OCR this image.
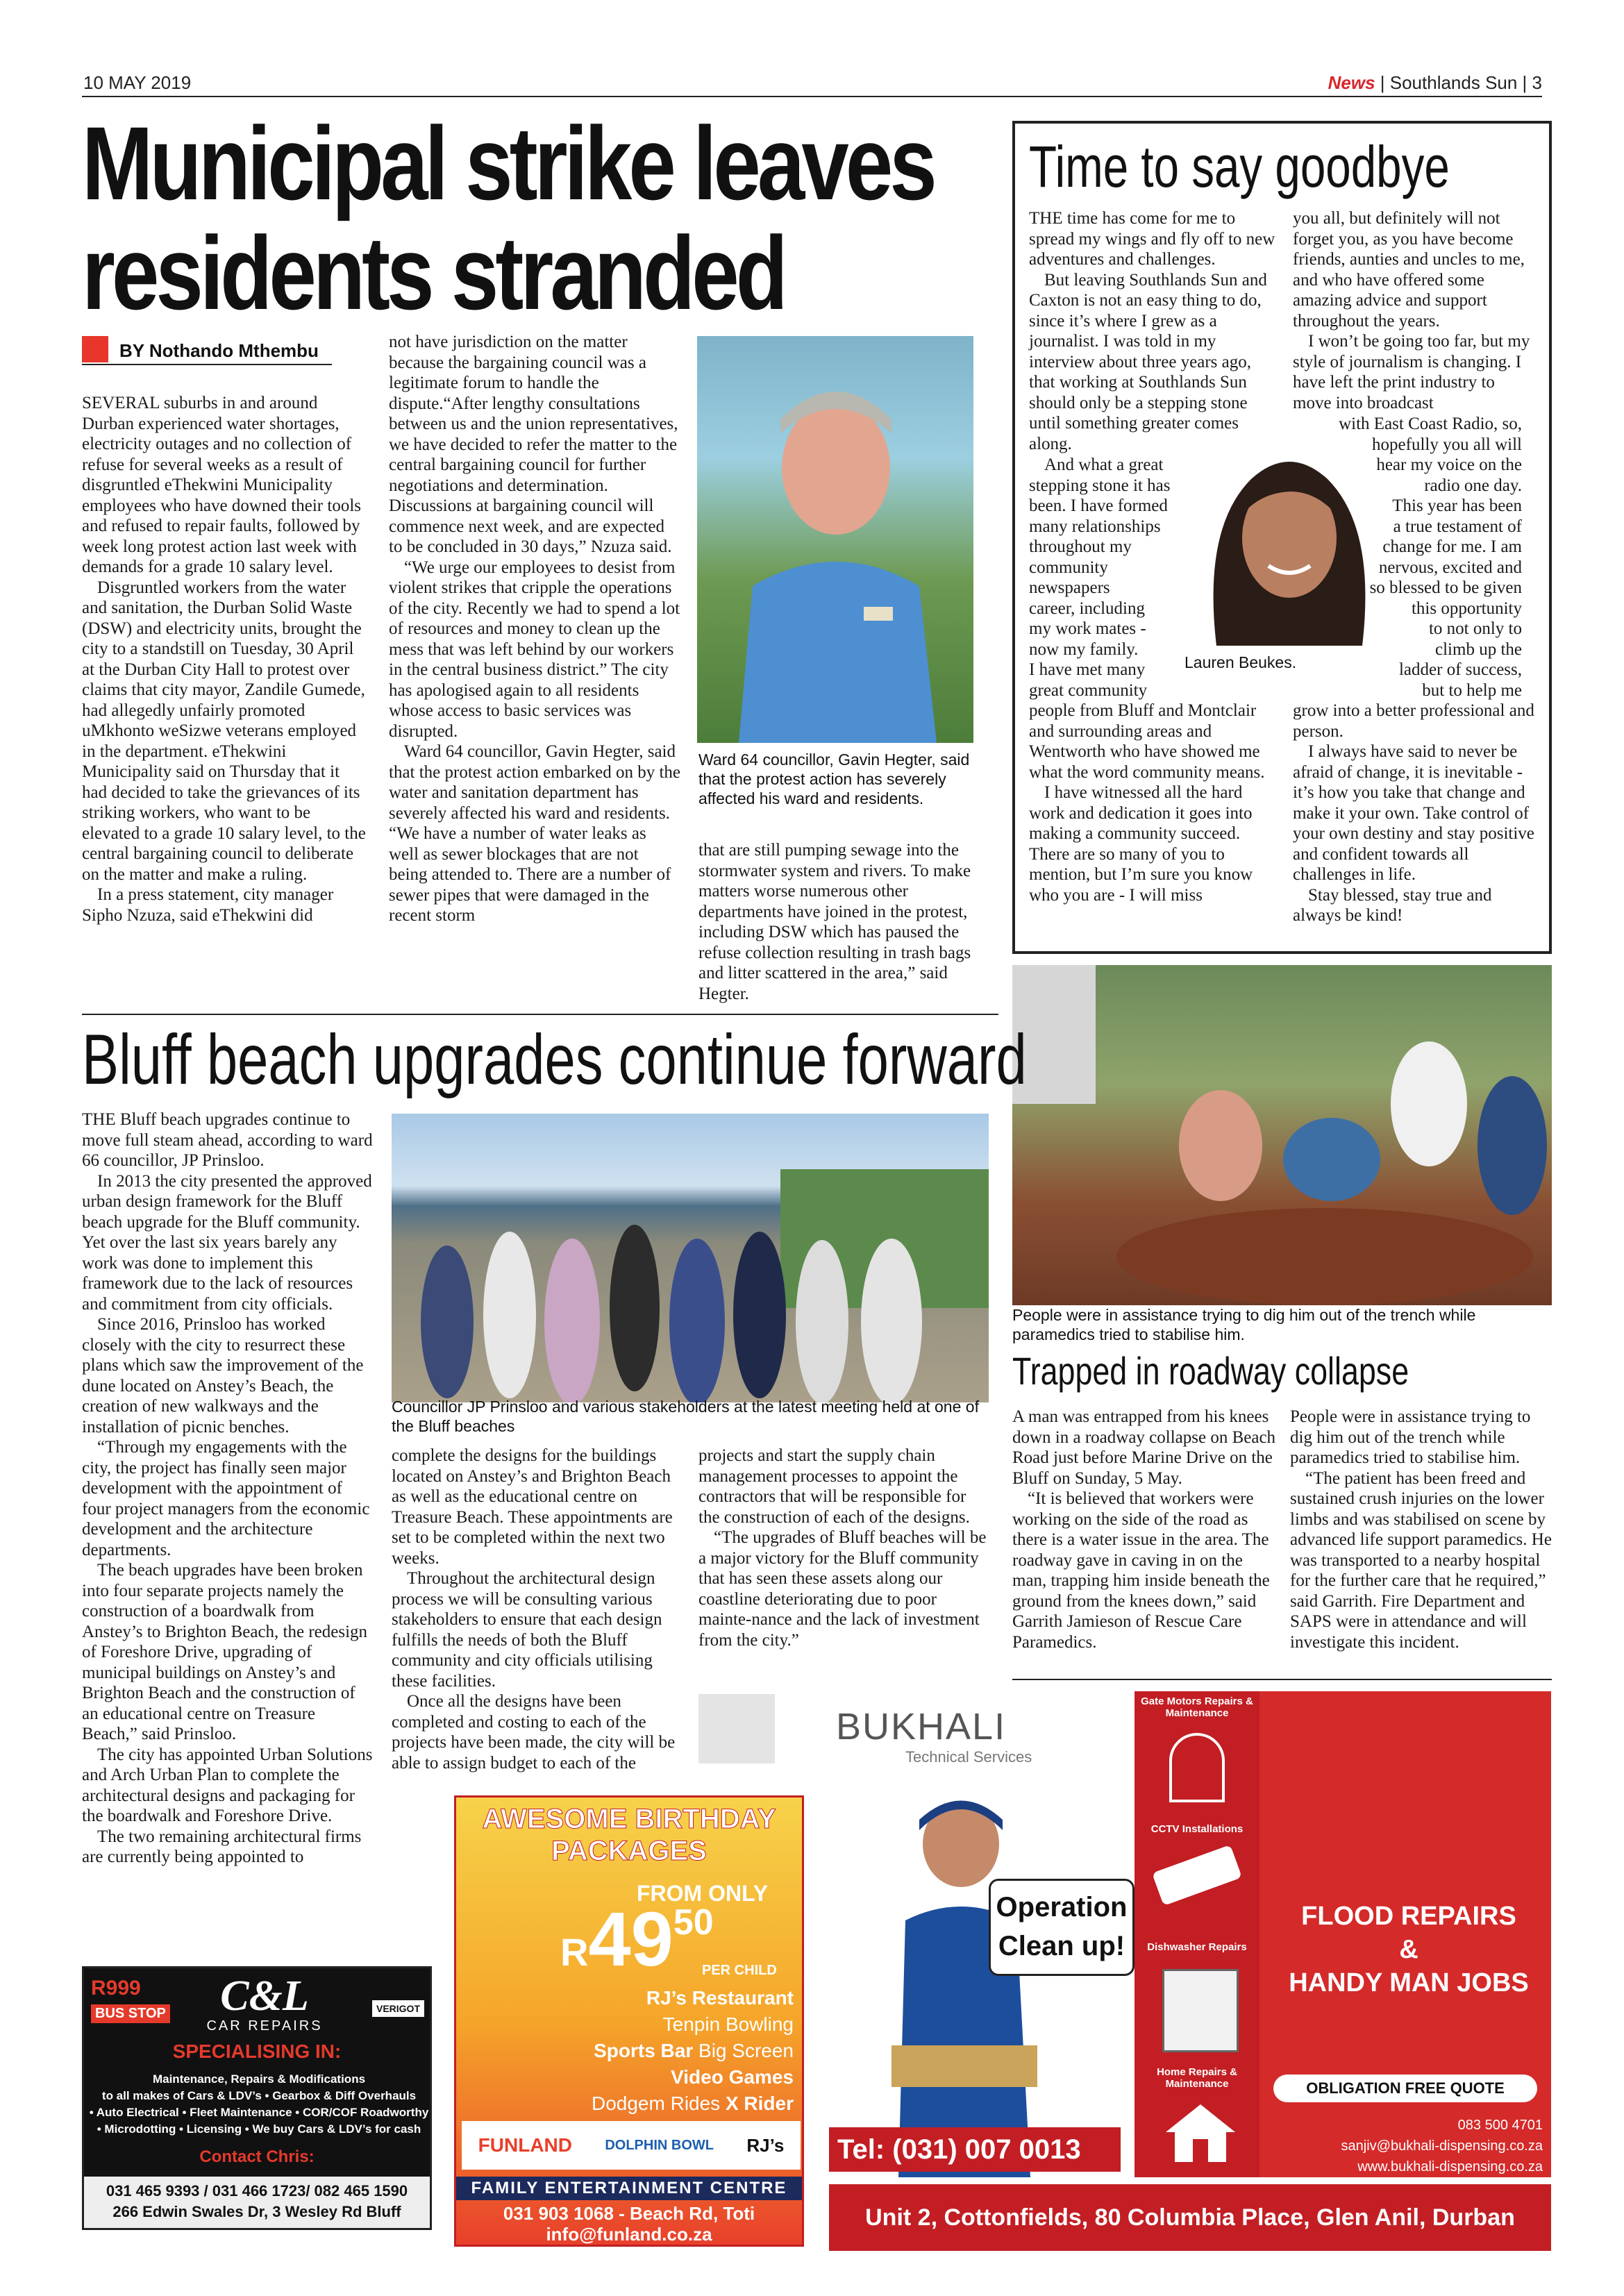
10 MAY 2019	News | Southlands Sun | 3
Municipal strike leaves
residents stranded
BY Nothando Mthembu

SEVERAL suburbs in and around Durban experienced water shortages, electricity outages and no collection of refuse for several weeks as a result of disgruntled eThekwini Municipality employees who have downed their tools and refused to repair faults, followed by week long protest action last week with demands for a grade 10 salary level.

Disgruntled workers from the water and sanitation, the Durban Solid Waste (DSW) and electricity units, brought the city to a standstill on Tuesday, 30 April at the Durban City Hall to protest over claims that city mayor, Zandile Gumede, had allegedly unfairly promoted uMkhonto weSizwe veterans employed in the department. eThekwini Municipality said on Thursday that it had decided to take the grievances of its striking workers, who want to be elevated to a grade 10 salary level, to the central bargaining council to deliberate on the matter and make a ruling.

In a press statement, city manager Sipho Nzuza, said eThekwini did

not have jurisdiction on the matter because the bargaining council was a legitimate forum to handle the dispute.“After lengthy consultations between us and the union representatives, we have decided to refer the matter to the central bargaining council for further negotiations and determination. Discussions at bargaining council will commence next week, and are expected to be concluded in 30 days,” Nzuza said.

“We urge our employees to desist from violent strikes that cripple the operations of the city. Recently we had to spend a lot of resources and money to clean up the mess that was left behind by our workers in the central business district.” The city has apologised again to all residents whose access to basic services was disrupted.

Ward 64 councillor, Gavin Hegter, said that the protest action embarked on by the water and sanitation department has severely affected his ward and residents. “We have a number of water leaks as well as sewer blockages that are not being attended to. There are a number of sewer pipes that were damaged in the recent storm

Ward 64 councillor, Gavin Hegter, said that the protest action has severely affected his ward and residents.

that are still pumping sewage into the stormwater system and rivers. To make matters worse numerous other departments have joined in the protest, including DSW which has paused the refuse collection resulting in trash bags and litter scattered in the area,” said Hegter.

Time to say goodbye

THE time has come for me to spread my wings and fly off to new adventures and challenges.

But leaving Southlands Sun and Caxton is not an easy thing to do, since it’s where I grew as a journalist. I was told in my interview about three years ago, that working at Southlands Sun should only be a stepping stone until something greater comes along.

And what a great
stepping stone it has
been. I have formed
many relationships
throughout my
community
newspapers
career, including
my work mates -
now my family.
I have met many
great community

people from Bluff and Montclair and surrounding areas and Wentworth who have showed me what the word community means.

I have witnessed all the hard work and dedication it goes into making a community succeed. There are so many of you to mention, but I’m sure you know who you are - I will miss

you all, but definitely will not forget you, as you have become friends, aunties and uncles to me, and who have offered some amazing advice and support throughout the years.

I won’t be going too far, but my style of journalism is changing. I have left the print industry to move into broadcast

with East Coast Radio, so,
hopefully you all will
hear my voice on the
radio one day.
This year has been
a true testament of
change for me. I am
nervous, excited and
so blessed to be given
this opportunity
to not only to
climb up the
ladder of success,
but to help me

grow into a better professional and person.

I always have said to never be afraid of change, it is inevitable - it’s how you take that change and make it your own. Take control of your own destiny and stay positive and confident towards all challenges in life.

Stay blessed, stay true and always be kind!

Lauren Beukes.
People were in assistance trying to dig him out of the trench while paramedics tried to stabilise him.
Trapped in roadway collapse

A man was entrapped from his knees down in a roadway collapse on Beach Road just before Marine Drive on the Bluff on Sunday, 5 May.

“It is believed that workers were working on the side of the road as there is a water issue in the area. The roadway gave in caving in on the man, trapping him inside beneath the ground from the knees down,” said Garrith Jamieson of Rescue Care Paramedics.

People were in assistance trying to dig him out of the trench while paramedics tried to stabilise him.

“The patient has been freed and sustained crush injuries on the lower limbs and was stabilised on scene by advanced life support paramedics. He was transported to a nearby hospital for the further care that he required,” said Garrith. Fire Department and SAPS were in attendance and will investigate this incident.

Bluff beach upgrades continue forward

THE Bluff beach upgrades continue to move full steam ahead, according to ward 66 councillor, JP Prinsloo.

In 2013 the city presented the approved urban design framework for the Bluff beach upgrade for the Bluff community. Yet over the last six years barely any work was done to implement this framework due to the lack of resources and commitment from city officials.

Since 2016, Prinsloo has worked closely with the city to resurrect these plans which saw the improvement of the dune located on Anstey’s Beach, the creation of new walkways and the installation of picnic benches.

“Through my engagements with the city, the project has finally seen major development with the appointment of four project managers from the economic development and the architecture departments.

The beach upgrades have been broken into four separate projects namely the construction of a boardwalk from Anstey’s to Brighton Beach, the redesign of Foreshore Drive, upgrading of municipal buildings on Anstey’s and Brighton Beach and the construction of an educational centre on Treasure Beach,” said Prinsloo.

The city has appointed Urban Solutions and Arch Urban Plan to complete the architectural designs and packaging for the boardwalk and Foreshore Drive.

The two remaining architectural firms are currently being appointed to

Councillor JP Prinsloo and various stakeholders at the latest meeting held at one of the Bluff beaches

complete the designs for the buildings located on Anstey’s and Brighton Beach as well as the educational centre on Treasure Beach. These appointments are set to be completed within the next two weeks.

Throughout the architectural design process we will be consulting various stakeholders to ensure that each design fulfills the needs of both the Bluff community and city officials utilising these facilities.

Once all the designs have been completed and costing to each of the projects have been made, the city will be able to assign budget to each of the

projects and start the supply chain management processes to appoint the contractors that will be responsible for the construction of each of the designs.

“The upgrades of Bluff beaches will be a major victory for the Bluff community that has seen these assets along our coastline deteriorating due to poor mainte-nance and the lack of investment from the city.”

R999
BUS STOP	C&L
CAR REPAIRS
VERIGOT
SPECIALISING IN:
Maintenance, Repairs & Modifications
to all makes of Cars & LDV’s • Gearbox & Diff Overhauls
• Auto Electrical • Fleet Maintenance • COR/COF Roadworthy
• Microdotting • Licensing • We buy Cars & LDV’s for cash
Contact Chris:
031 465 9393 / 031 466 1723/ 082 465 1590
266 Edwin Swales Dr, 3 Wesley Rd Bluff
AWESOME BIRTHDAY
PACKAGES
FROM ONLY
R4950
PER CHILD
RJ’s Restaurant
Tenpin Bowling
Sports Bar Big Screen
Video Games
Dodgem Rides X Rider
FUNLAND DOLPHIN BOWL RJ’s
FAMILY ENTERTAINMENT CENTRE
031 903 1068 - Beach Rd, Toti
info@funland.co.za
BUKHALI
Technical Services
Operation
Clean up!
Gate Motors Repairs & Maintenance
CCTV Installations
Dishwasher Repairs
Home Repairs & Maintenance
FLOOD REPAIRS
&
HANDY MAN JOBS
OBLIGATION FREE QUOTE
083 500 4701
sanjiv@bukhali-dispensing.co.za
www.bukhali-dispensing.co.za
Tel: (031) 007 0013
Unit 2, Cottonfields, 80 Columbia Place, Glen Anil, Durban
